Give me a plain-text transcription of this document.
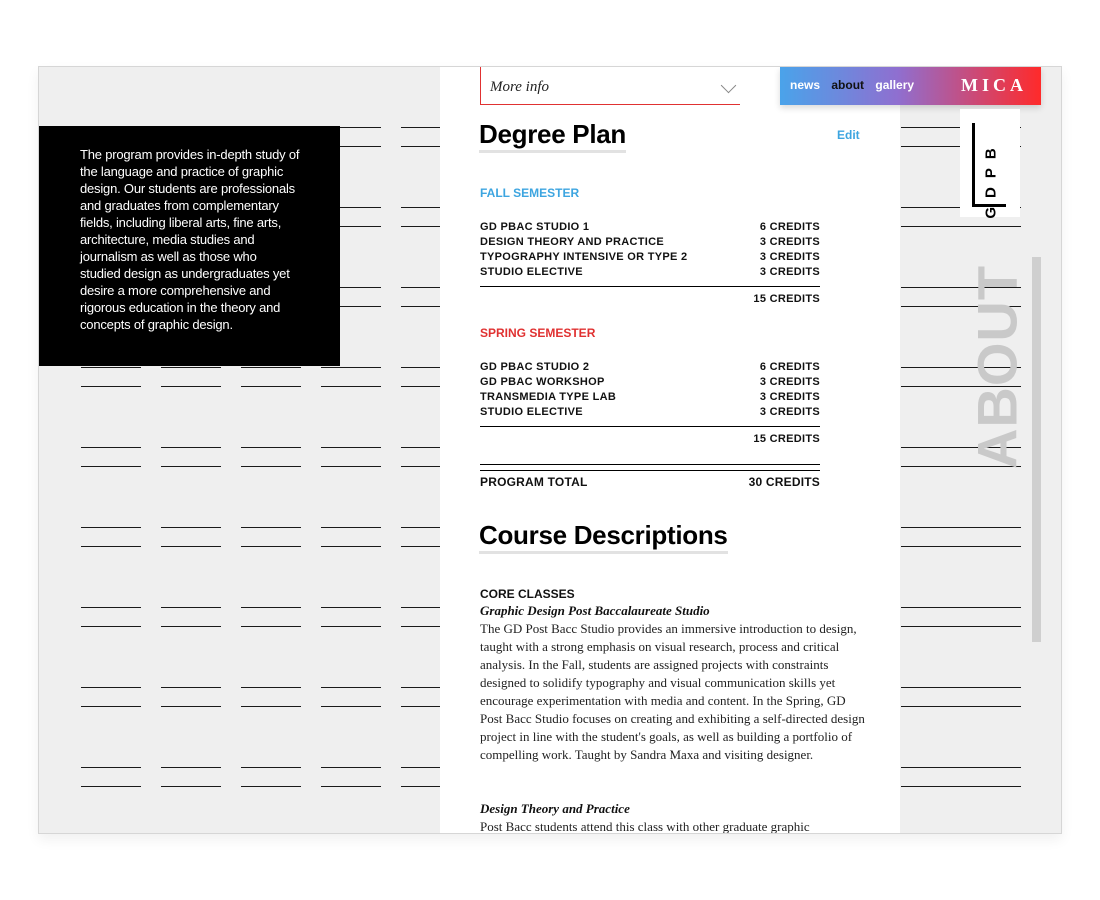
The program provides in-depth study of the language and practice of graphic design. Our students are professionals and graduates from complementary fields, including liberal arts, fine arts, architecture, media studies and journalism as well as those who studied design as undergraduates yet desire a more comprehensive and rigorous education in the theory and concepts of graphic design.

More info
Degree Plan	Edit
FALL SEMESTER
GD PBAC STUDIO 1	6 CREDITS
DESIGN THEORY AND PRACTICE	3 CREDITS
TYPOGRAPHY INTENSIVE OR TYPE 2	3 CREDITS
STUDIO ELECTIVE	3 CREDITS
15 CREDITS
SPRING SEMESTER
GD PBAC STUDIO 2	6 CREDITS
GD PBAC WORKSHOP	3 CREDITS
TRANSMEDIA TYPE LAB	3 CREDITS
STUDIO ELECTIVE	3 CREDITS
15 CREDITS
PROGRAM TOTAL	30 CREDITS
Course Descriptions
CORE CLASSES
Graphic Design Post Baccalaureate Studio
The GD Post Bacc Studio provides an immersive introduction to design, taught with a strong emphasis on visual research, process and critical analysis. In the Fall, students are assigned projects with constraints designed to solidify typography and visual communication skills yet encourage experimentation with media and content. In the Spring, GD Post Bacc Studio focuses on creating and exhibiting a self-directed design project in line with the student's goals, as well as building a portfolio of compelling work. Taught by Sandra Maxa and visiting designer.
Design Theory and Practice
Post Bacc students attend this class with other graduate graphic
news about gallery	MICA
GDPB
ABOUT
